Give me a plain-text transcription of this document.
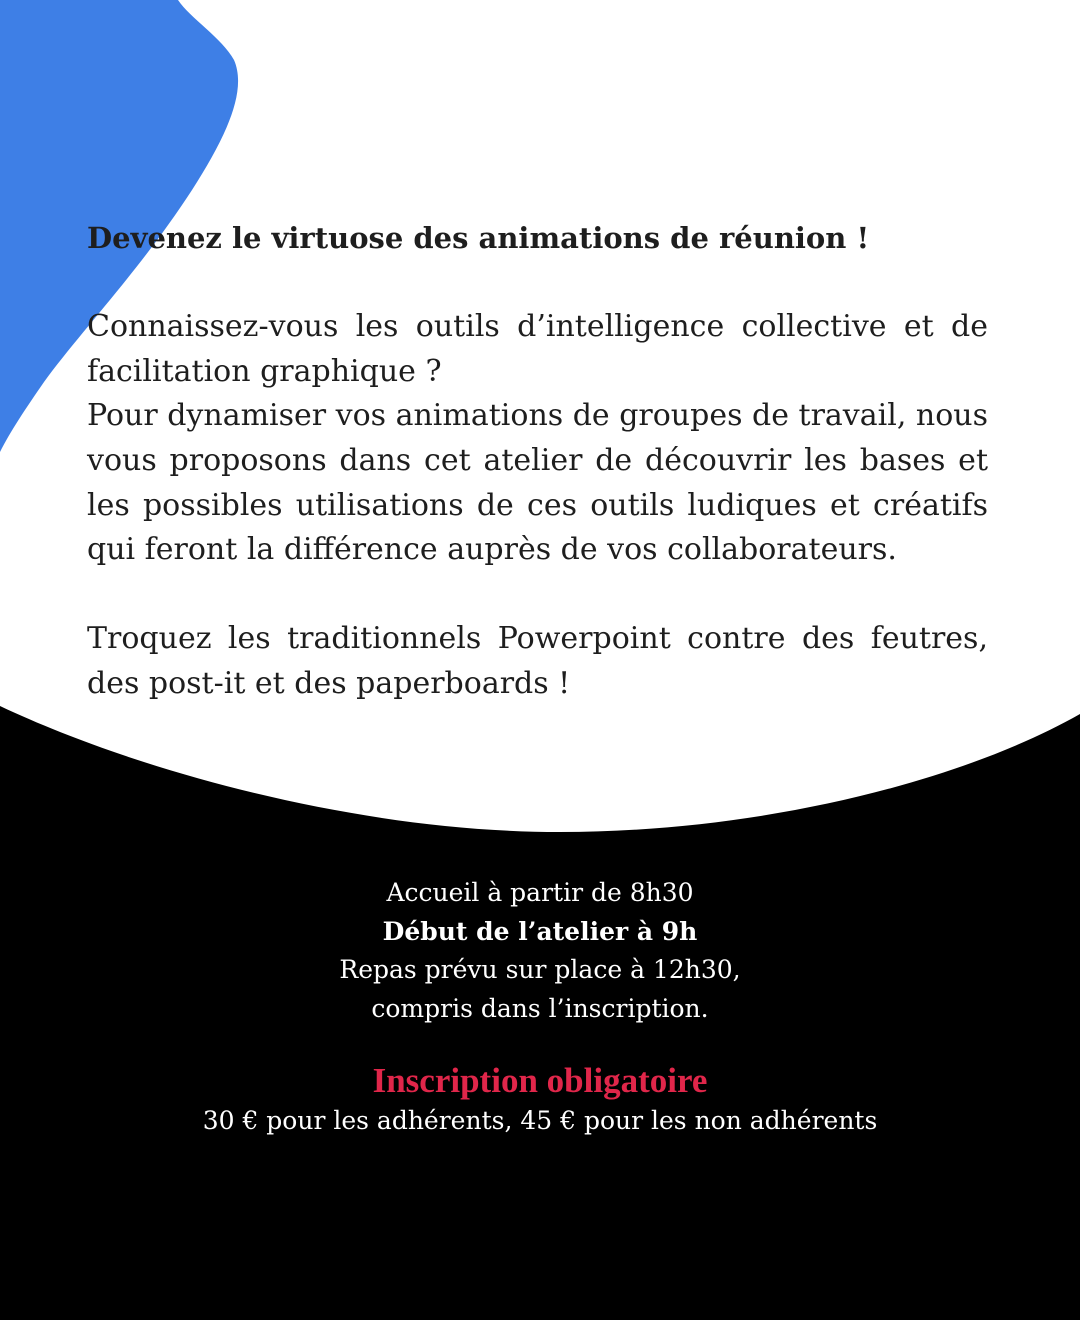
Devenez le virtuose des animations de réunion !

Connaissez-vous les outils d’intelligence collective et de facilitation graphique ?

Pour dynamiser vos animations de groupes de travail, nous vous proposons dans cet atelier de découvrir les bases et les possibles utilisations de ces outils ludiques et créatifs qui feront la différence auprès de vos collaborateurs.

Troquez les traditionnels Powerpoint contre des feutres, des post-it et des paperboards !

Accueil à partir de 8h30

Début de l’atelier à 9h

Repas prévu sur place à 12h30,

compris dans l’inscription.

Inscription obligatoire

30 € pour les adhérents, 45 € pour les non adhérents
